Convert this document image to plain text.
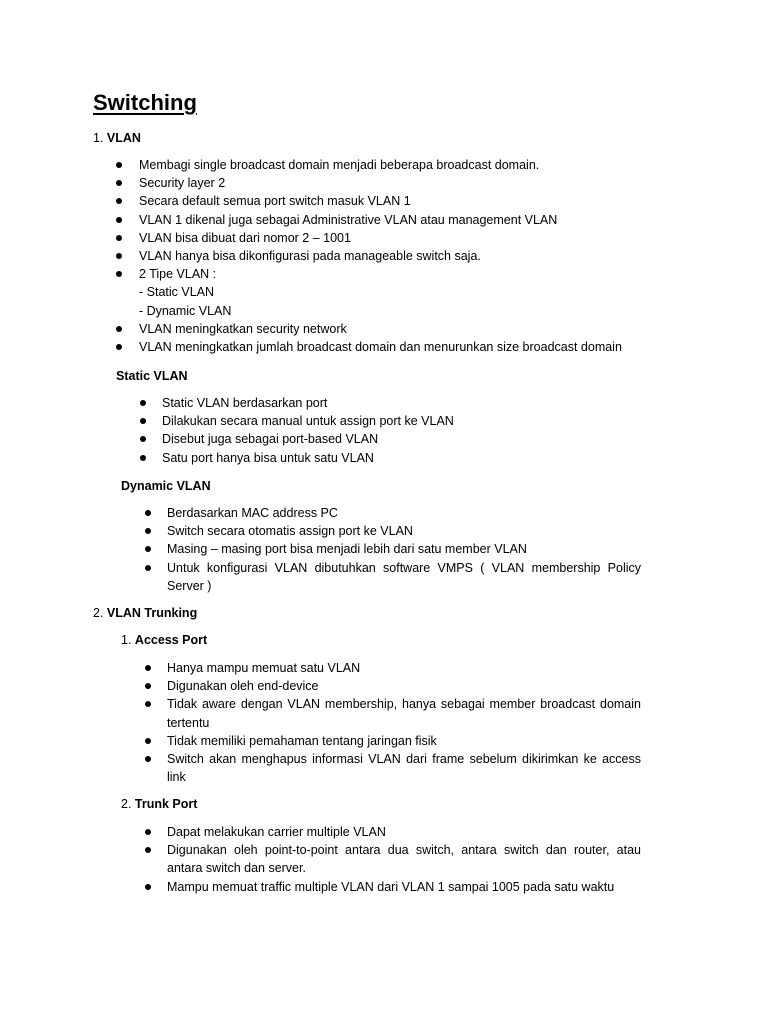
Switching

1. VLAN

Membagi single broadcast domain menjadi beberapa broadcast domain.
Security layer 2
Secara default semua port switch masuk VLAN 1
VLAN 1 dikenal juga sebagai Administrative VLAN atau management VLAN
VLAN bisa dibuat dari nomor 2 – 1001
VLAN hanya bisa dikonfigurasi pada manageable switch saja.
2 Tipe VLAN :
- Static VLAN
- Dynamic VLAN
VLAN meningkatkan security network
VLAN meningkatkan jumlah broadcast domain dan menurunkan size broadcast domain

Static VLAN

Static VLAN berdasarkan port
Dilakukan secara manual untuk assign port ke VLAN
Disebut juga sebagai port-based VLAN
Satu port hanya bisa untuk satu VLAN

Dynamic VLAN

Berdasarkan MAC address PC
Switch secara otomatis assign port ke VLAN
Masing – masing port bisa menjadi lebih dari satu member VLAN
Untuk konfigurasi VLAN dibutuhkan software VMPS ( VLAN membership Policy Server )

2. VLAN Trunking

1. Access Port

Hanya mampu memuat satu VLAN
Digunakan oleh end-device
Tidak aware dengan VLAN membership, hanya sebagai member broadcast domain tertentu
Tidak memiliki pemahaman tentang jaringan fisik
Switch akan menghapus informasi VLAN dari frame sebelum dikirimkan ke access link

2. Trunk Port

Dapat melakukan carrier multiple VLAN
Digunakan oleh point-to-point antara dua switch, antara switch dan router, atau antara switch dan server.
Mampu memuat traffic multiple VLAN dari VLAN 1 sampai 1005 pada satu waktu
